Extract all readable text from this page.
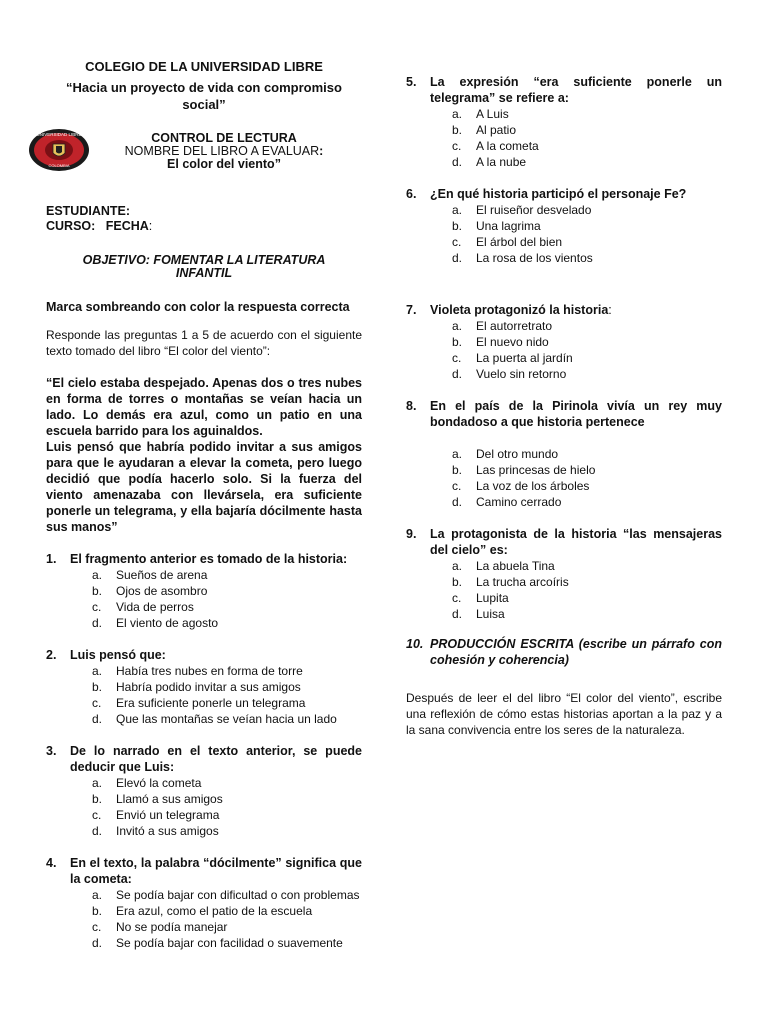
COLEGIO DE LA UNIVERSIDAD LIBRE

“Hacia un proyecto de vida con compromiso social”

UNIVERSIDAD LIBRE
COLOMBIA

CONTROL DE LECTURA

NOMBRE DEL LIBRO A EVALUAR:

El color del viento”

ESTUDIANTE:

CURSO: FECHA:

OBJETIVO: FOMENTAR LA LITERATURA INFANTIL

Marca sombreando con color la respuesta correcta

Responde las preguntas 1 a 5 de acuerdo con el siguiente texto tomado del libro “El color del viento”:

“El cielo estaba despejado. Apenas dos o tres nubes en forma de torres o montañas se veían hacia un lado. Lo demás era azul, como un patio en una escuela barrido para los aguinaldos.

Luis pensó que habría podido invitar a sus amigos para que le ayudaran a elevar la cometa, pero luego decidió que podía hacerlo solo. Si la fuerza del viento amenazaba con llevársela, era suficiente ponerle un telegrama, y ella bajaría dócilmente hasta sus manos”

1.	El fragmento anterior es tomado de la historia:
a.	Sueños de arena
b.	Ojos de asombro
c.	Vida de perros
d.	El viento de agosto
2.	Luis pensó que:
a.	Había tres nubes en forma de torre
b.	Habría podido invitar a sus amigos
c.	Era suficiente ponerle un telegrama
d.	Que las montañas se veían hacia un lado
3.	De lo narrado en el texto anterior, se puede deducir que Luis:
a.	Elevó la cometa
b.	Llamó a sus amigos
c.	Envió un telegrama
d.	Invitó a sus amigos
4.	En el texto, la palabra “dócilmente” significa que la cometa:
a.	Se podía bajar con dificultad o con problemas
b.	Era azul, como el patio de la escuela
c.	No se podía manejar
d.	Se podía bajar con facilidad o suavemente
5.	La expresión “era suficiente ponerle un telegrama” se refiere a:
a.	A Luis
b.	Al patio
c.	A la cometa
d.	A la nube
6.	¿En qué historia participó el personaje Fe?
a.	El ruiseñor desvelado
b.	Una lagrima
c.	El árbol del bien
d.	La rosa de los vientos
7.	Violeta protagonizó la historia:
a.	El autorretrato
b.	El nuevo nido
c.	La puerta al jardín
d.	Vuelo sin retorno
8.	En el país de la Pirinola vivía un rey muy bondadoso a que historia pertenece
a.	Del otro mundo
b.	Las princesas de hielo
c.	La voz de los árboles
d.	Camino cerrado
9.	La protagonista de la historia “las mensajeras del cielo” es:
a.	La abuela Tina
b.	La trucha arcoíris
c.	Lupita
d.	Luisa
10. PRODUCCIÓN ESCRITA (escribe un párrafo con cohesión y coherencia)

Después de leer el del libro “El color del viento”, escribe una reflexión de cómo estas historias aportan a la paz y a la sana convivencia entre los seres de la naturaleza.
